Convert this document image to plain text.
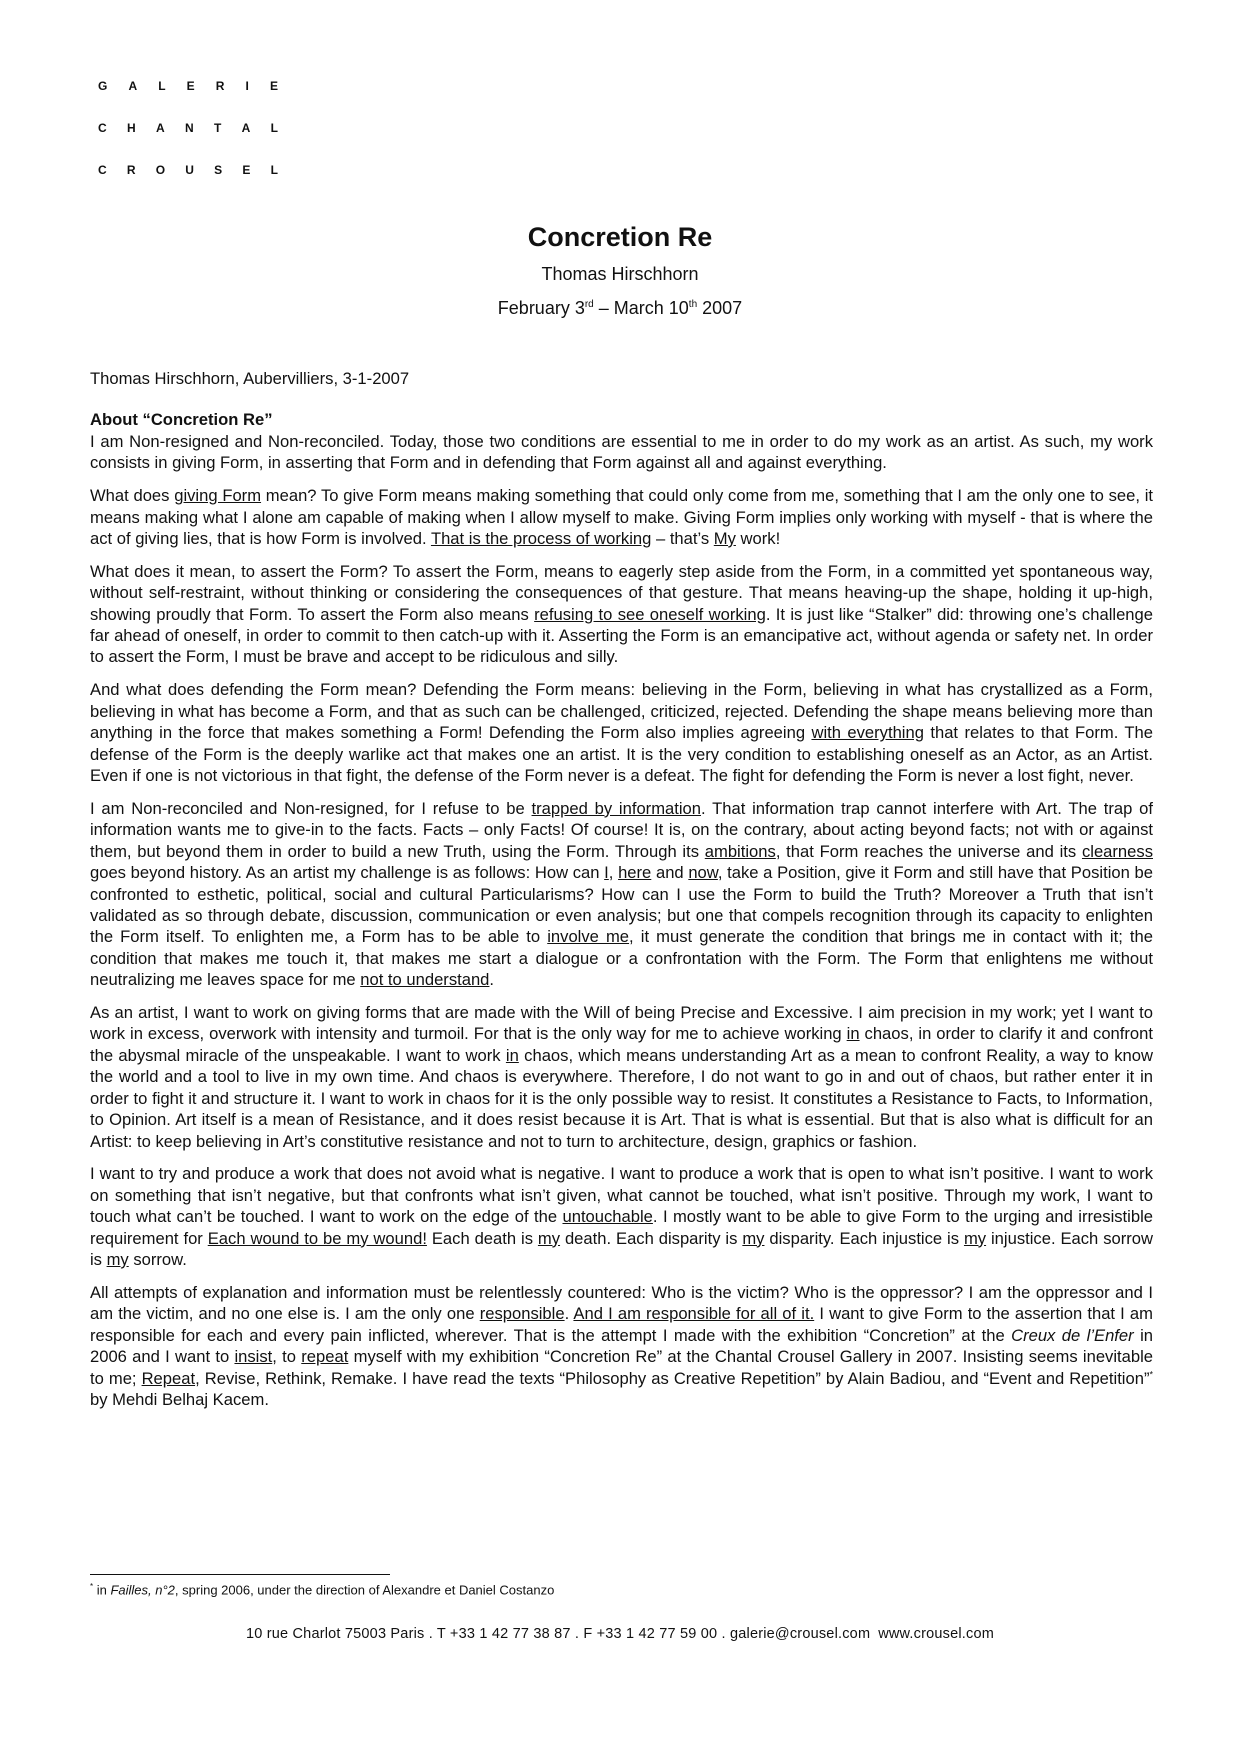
G A L E R I E
C H A N T A L
C R O U S E L
Concretion Re
Thomas Hirschhorn
February 3rd – March 10th 2007
Thomas Hirschhorn, Aubervilliers, 3-1-2007
About “Concretion Re”

I am Non-resigned and Non-reconciled. Today, those two conditions are essential to me in order to do my work as an artist. As such, my work consists in giving Form, in asserting that Form and in defending that Form against all and against everything.

What does giving Form mean? To give Form means making something that could only come from me, something that I am the only one to see, it means making what I alone am capable of making when I allow myself to make. Giving Form implies only working with myself - that is where the act of giving lies, that is how Form is involved. That is the process of working – that’s My work!

What does it mean, to assert the Form? To assert the Form, means to eagerly step aside from the Form, in a committed yet spontaneous way, without self-restraint, without thinking or considering the consequences of that gesture. That means heaving-up the shape, holding it up-high, showing proudly that Form. To assert the Form also means refusing to see oneself working. It is just like “Stalker” did: throwing one’s challenge far ahead of oneself, in order to commit to then catch-up with it. Asserting the Form is an emancipative act, without agenda or safety net. In order to assert the Form, I must be brave and accept to be ridiculous and silly.

And what does defending the Form mean? Defending the Form means: believing in the Form, believing in what has crystallized as a Form, believing in what has become a Form, and that as such can be challenged, criticized, rejected. Defending the shape means believing more than anything in the force that makes something a Form! Defending the Form also implies agreeing with everything that relates to that Form. The defense of the Form is the deeply warlike act that makes one an artist. It is the very condition to establishing oneself as an Actor, as an Artist. Even if one is not victorious in that fight, the defense of the Form never is a defeat. The fight for defending the Form is never a lost fight, never.

I am Non-reconciled and Non-resigned, for I refuse to be trapped by information. That information trap cannot interfere with Art. The trap of information wants me to give-in to the facts. Facts – only Facts! Of course! It is, on the contrary, about acting beyond facts; not with or against them, but beyond them in order to build a new Truth, using the Form. Through its ambitions, that Form reaches the universe and its clearness goes beyond history. As an artist my challenge is as follows: How can I, here and now, take a Position, give it Form and still have that Position be confronted to esthetic, political, social and cultural Particularisms? How can I use the Form to build the Truth? Moreover a Truth that isn’t validated as so through debate, discussion, communication or even analysis; but one that compels recognition through its capacity to enlighten the Form itself. To enlighten me, a Form has to be able to involve me, it must generate the condition that brings me in contact with it; the condition that makes me touch it, that makes me start a dialogue or a confrontation with the Form. The Form that enlightens me without neutralizing me leaves space for me not to understand.

As an artist, I want to work on giving forms that are made with the Will of being Precise and Excessive. I aim precision in my work; yet I want to work in excess, overwork with intensity and turmoil. For that is the only way for me to achieve working in chaos, in order to clarify it and confront the abysmal miracle of the unspeakable. I want to work in chaos, which means understanding Art as a mean to confront Reality, a way to know the world and a tool to live in my own time. And chaos is everywhere. Therefore, I do not want to go in and out of chaos, but rather enter it in order to fight it and structure it. I want to work in chaos for it is the only possible way to resist. It constitutes a Resistance to Facts, to Information, to Opinion. Art itself is a mean of Resistance, and it does resist because it is Art. That is what is essential. But that is also what is difficult for an Artist: to keep believing in Art’s constitutive resistance and not to turn to architecture, design, graphics or fashion.

I want to try and produce a work that does not avoid what is negative. I want to produce a work that is open to what isn’t positive. I want to work on something that isn’t negative, but that confronts what isn’t given, what cannot be touched, what isn’t positive. Through my work, I want to touch what can’t be touched. I want to work on the edge of the untouchable. I mostly want to be able to give Form to the urging and irresistible requirement for Each wound to be my wound! Each death is my death. Each disparity is my disparity. Each injustice is my injustice. Each sorrow is my sorrow.

All attempts of explanation and information must be relentlessly countered: Who is the victim? Who is the oppressor? I am the oppressor and I am the victim, and no one else is. I am the only one responsible. And I am responsible for all of it. I want to give Form to the assertion that I am responsible for each and every pain inflicted, wherever. That is the attempt I made with the exhibition “Concretion” at the Creux de l’Enfer in 2006 and I want to insist, to repeat myself with my exhibition “Concretion Re” at the Chantal Crousel Gallery in 2007. Insisting seems inevitable to me; Repeat, Revise, Rethink, Remake. I have read the texts “Philosophy as Creative Repetition” by Alain Badiou, and “Event and Repetition”* by Mehdi Belhaj Kacem.

* in Failles, n°2, spring 2006, under the direction of Alexandre et Daniel Costanzo
10 rue Charlot 75003 Paris . T +33 1 42 77 38 87 . F +33 1 42 77 59 00 . galerie@crousel.com www.crousel.com
